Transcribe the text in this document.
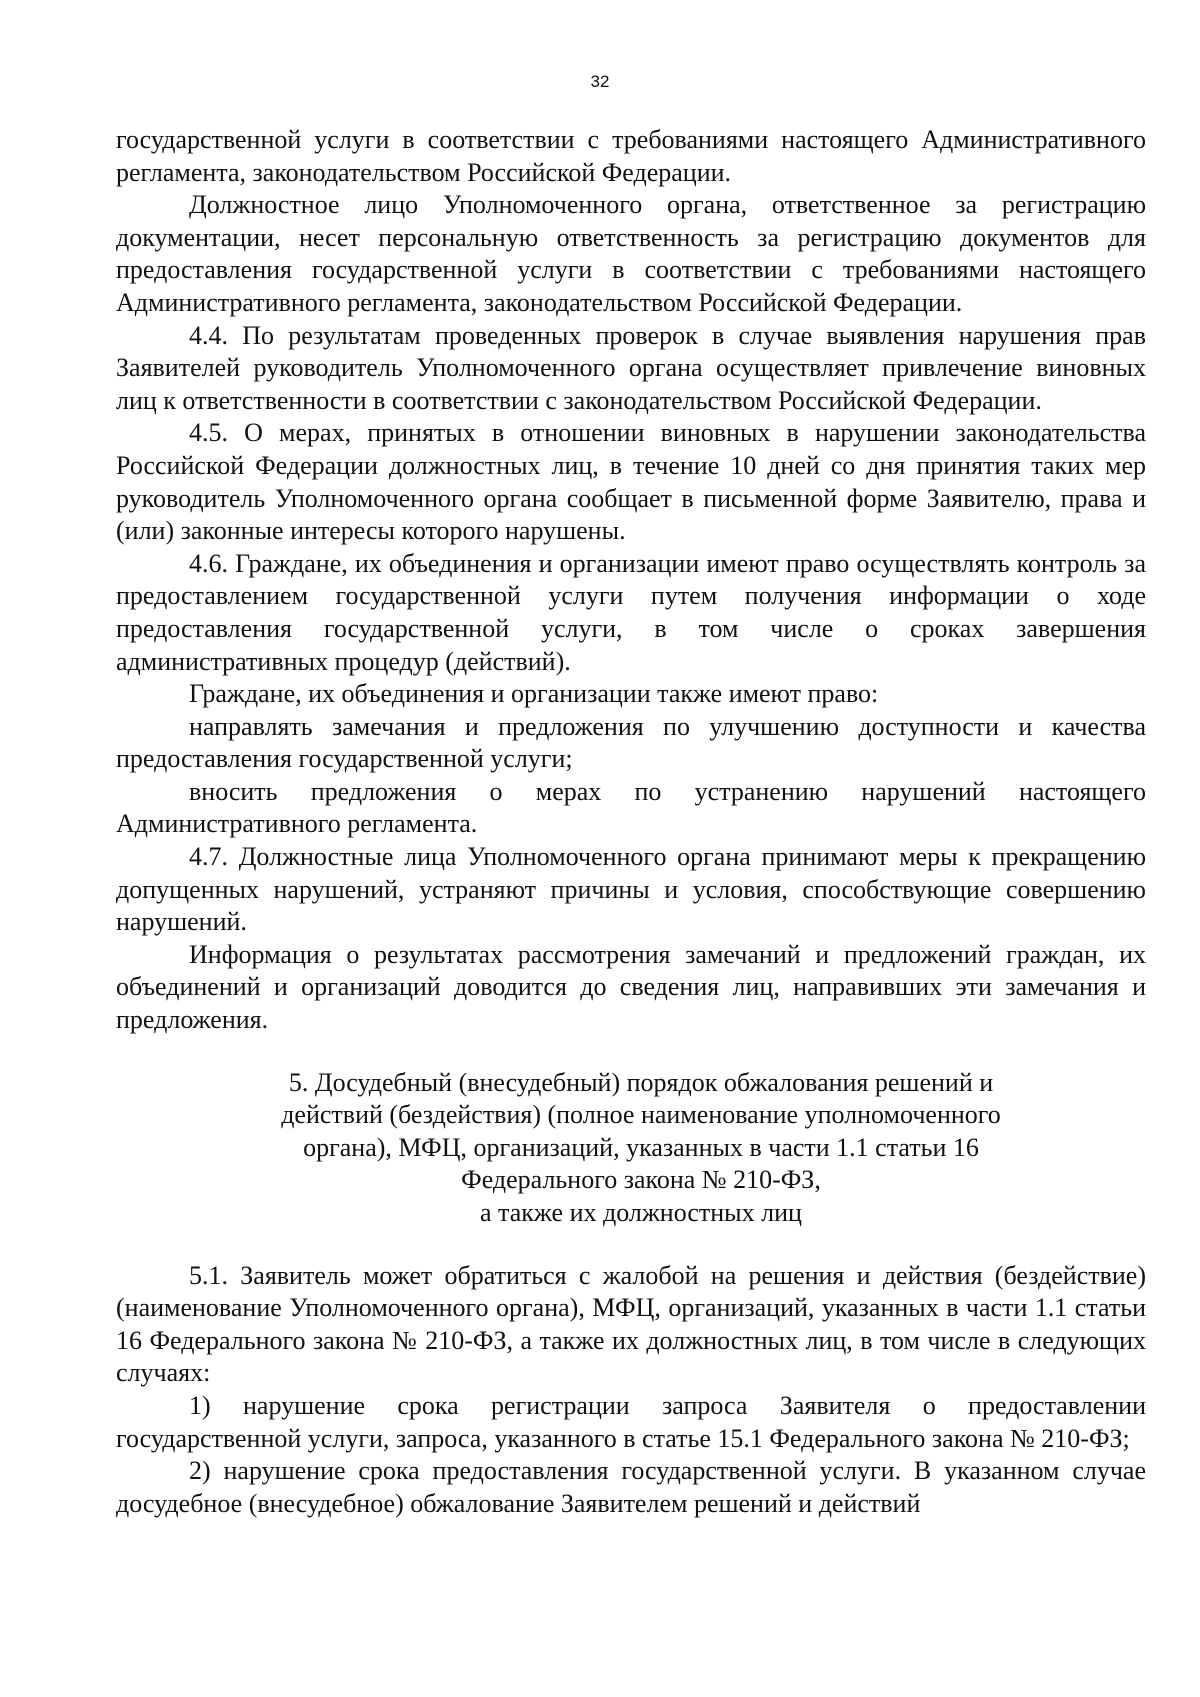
32

государственной услуги в соответствии с требованиями настоящего Административного регламента, законодательством Российской Федерации.

Должностное лицо Уполномоченного органа, ответственное за регистрацию документации, несет персональную ответственность за регистрацию документов для предоставления государственной услуги в соответствии с требованиями настоящего Административного регламента, законодательством Российской Федерации.

4.4. По результатам проведенных проверок в случае выявления нарушения прав Заявителей руководитель Уполномоченного органа осуществляет привлечение виновных лиц к ответственности в соответствии с законодательством Российской Федерации.

4.5. О мерах, принятых в отношении виновных в нарушении законодательства Российской Федерации должностных лиц, в течение 10 дней со дня принятия таких мер руководитель Уполномоченного органа сообщает в письменной форме Заявителю, права и (или) законные интересы которого нарушены.

4.6. Граждане, их объединения и организации имеют право осуществлять контроль за предоставлением государственной услуги путем получения информации о ходе предоставления государственной услуги, в том числе о сроках завершения административных процедур (действий).

Граждане, их объединения и организации также имеют право:

направлять замечания и предложения по улучшению доступности и качества предоставления государственной услуги;

вносить предложения о мерах по устранению нарушений настоящего Административного регламента.

4.7. Должностные лица Уполномоченного органа принимают меры к прекращению допущенных нарушений, устраняют причины и условия, способствующие совершению нарушений.

Информация о результатах рассмотрения замечаний и предложений граждан, их объединений и организаций доводится до сведения лиц, направивших эти замечания и предложения.

5. Досудебный (внесудебный) порядок обжалования решений и
действий (бездействия) (полное наименование уполномоченного
органа), МФЦ, организаций, указанных в части 1.1 статьи 16
Федерального закона № 210-ФЗ,
а также их должностных лиц

5.1. Заявитель может обратиться с жалобой на решения и действия (бездействие) (наименование Уполномоченного органа), МФЦ, организаций, указанных в части 1.1 статьи 16 Федерального закона № 210-ФЗ, а также их должностных лиц, в том числе в следующих случаях:

1) нарушение срока регистрации запроса Заявителя о предоставлении государственной услуги, запроса, указанного в статье 15.1 Федерального закона № 210-ФЗ;

2) нарушение срока предоставления государственной услуги. В указанном случае досудебное (внесудебное) обжалование Заявителем решений и действий
